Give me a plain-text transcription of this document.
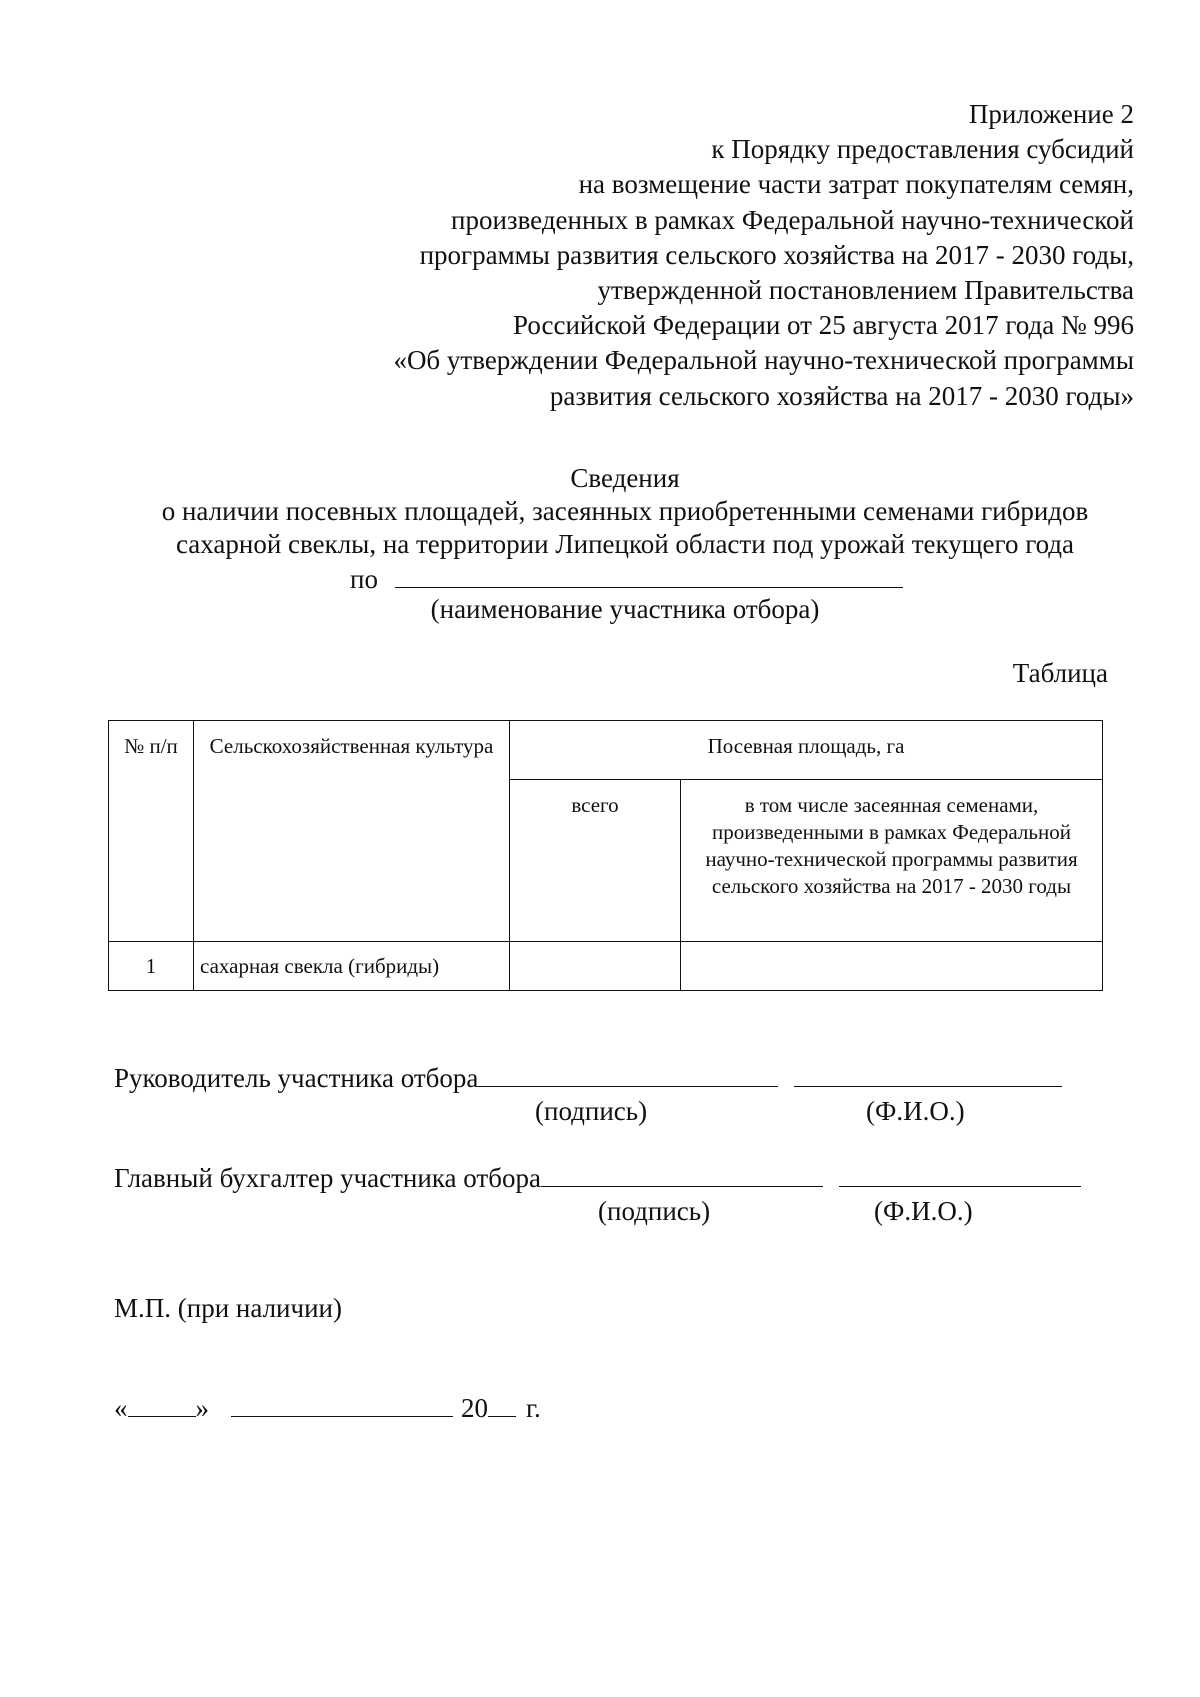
Приложение 2
к Порядку предоставления субсидий
на возмещение части затрат покупателям семян,
произведенных в рамках Федеральной научно-технической
программы развития сельского хозяйства на 2017 - 2030 годы,
утвержденной постановлением Правительства
Российской Федерации от 25 августа 2017 года № 996
«Об утверждении Федеральной научно-технической программы
развития сельского хозяйства на 2017 - 2030 годы»
Сведения
о наличии посевных площадей, засеянных приобретенными семенами гибридов
сахарной свеклы, на территории Липецкой области под урожай текущего года
по
(наименование участника отбора)
Таблица
№ п/п	Сельскохозяйственная культура	Посевная площадь, га	
		всего	в том числе засеянная семенами, произведенными в рамках Федеральной научно-технической программы развития сельского хозяйства на 2017 - 2030 годы
1	сахарная свекла (гибриды)		
Руководитель участника отбора
(подпись)	(Ф.И.О.)
Главный бухгалтер участника отбора
(подпись)	(Ф.И.О.)
М.П. (при наличии)
«	»	20 г.
